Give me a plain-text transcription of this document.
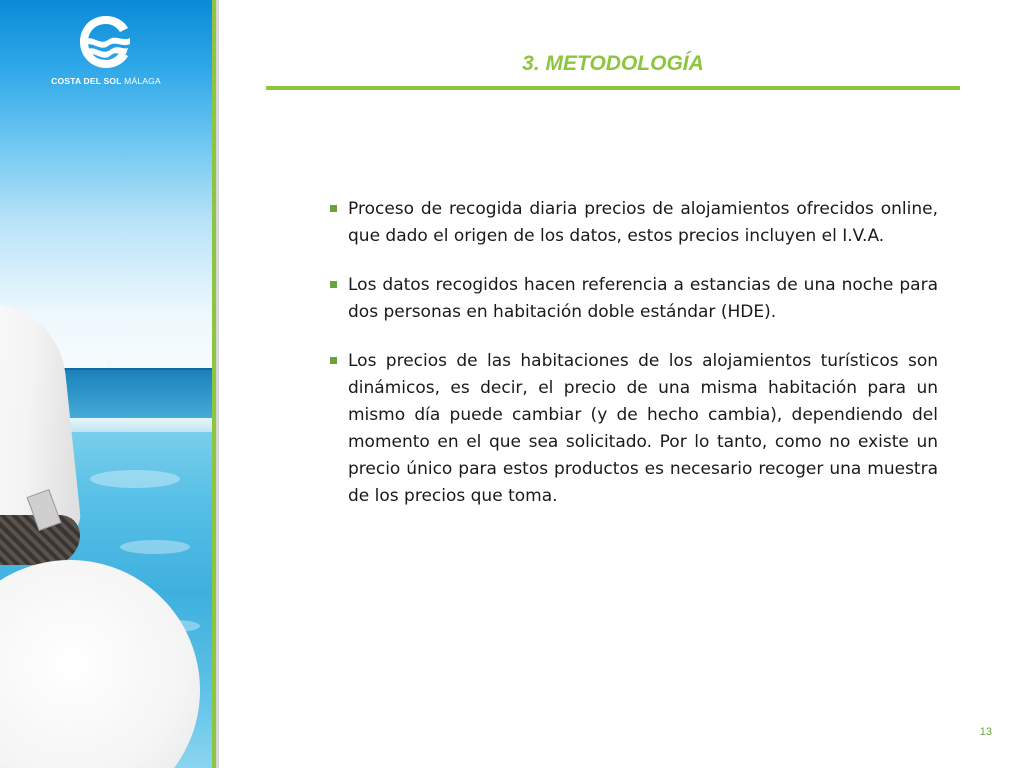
COSTA DEL SOL MÁLAGA
3. METODOLOGÍA
Proceso de recogida diaria precios de alojamientos ofrecidos online, que dado el origen de los datos, estos precios incluyen el I.V.A.
Los datos recogidos hacen referencia a estancias de una noche para dos personas en habitación doble estándar (HDE).
Los precios de las habitaciones de los alojamientos turísticos son dinámicos, es decir, el precio de una misma habitación para un mismo día puede cambiar (y de hecho cambia), dependiendo del momento en el que sea solicitado. Por lo tanto, como no existe un precio único para estos productos es necesario recoger una muestra de los precios que toma.
13
